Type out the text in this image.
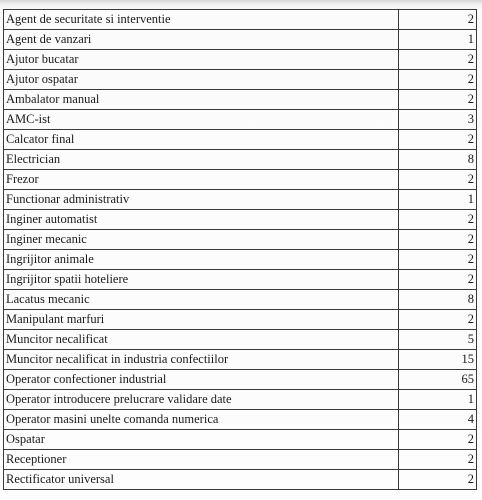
Agent de securitate si interventie	2
Agent de vanzari	1
Ajutor bucatar	2
Ajutor ospatar	2
Ambalator manual	2
AMC-ist	3
Calcator final	2
Electrician	8
Frezor	2
Functionar administrativ	1
Inginer automatist	2
Inginer mecanic	2
Ingrijitor animale	2
Ingrijitor spatii hoteliere	2
Lacatus mecanic	8
Manipulant marfuri	2
Muncitor necalificat	5
Muncitor necalificat in industria confectiilor	15
Operator confectioner industrial	65
Operator introducere prelucrare validare date	1
Operator masini unelte comanda numerica	4
Ospatar	2
Receptioner	2
Rectificator universal	2
